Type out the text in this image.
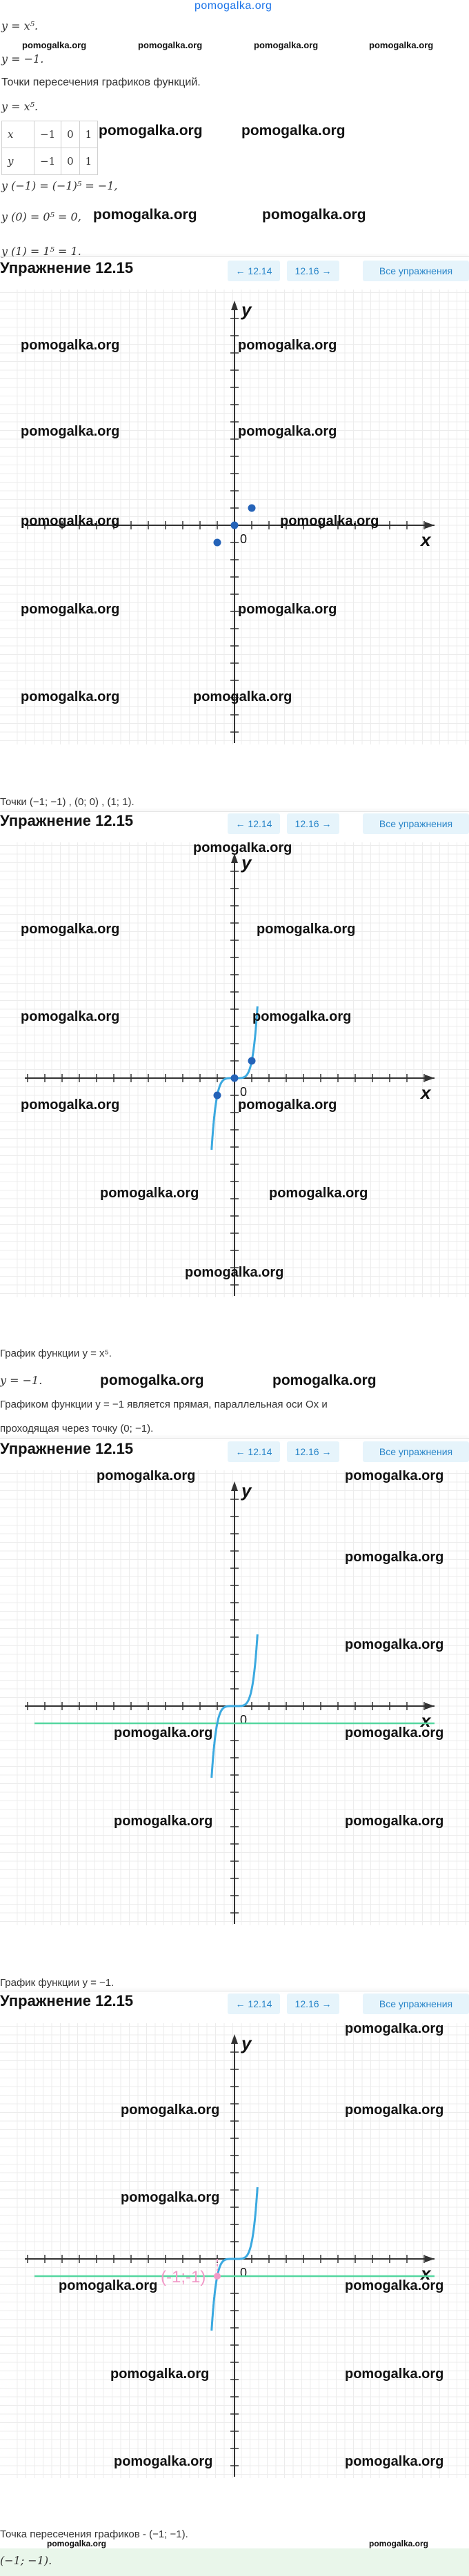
pomogalka.org
y = x⁵.
pomogalka.org	pomogalka.org	pomogalka.org	pomogalka.org
y = −1.
Точки пересечения графиков функций.
y = x⁵.
x	−1	0	1
y	−1	0	1
pomogalka.org	pomogalka.org
y (−1) = (−1)⁵ = −1,
y (0) = 0⁵ = 0, pomogalka.org	pomogalka.org
y (1) = 1⁵ = 1.
Упражнение 12.15	← 12.14	12.16 →	Все упражнения
x
y
0
pomogalka.org	pomogalka.org
pomogalka.org	pomogalka.org
pomogalka.org	pomogalka.org
pomogalka.org	pomogalka.org
pomogalka.org	pomogalka.org
Точки (−1; −1) , (0; 0) , (1; 1).
Упражнение 12.15	← 12.14	12.16 →	Все упражнения
x
y
0
pomogalka.org
pomogalka.org	pomogalka.org
pomogalka.org	pomogalka.org
pomogalka.org	pomogalka.org
pomogalka.org	pomogalka.org
pomogalka.org
График функции y = x⁵.
y = −1.	pomogalka.org	pomogalka.org
Графиком функции y = −1 является прямая, параллельная оси Ox и
проходящая через точку (0; −1).
Упражнение 12.15	← 12.14	12.16 →	Все упражнения
x
y
0
pomogalka.org	pomogalka.org
pomogalka.org
pomogalka.org
pomogalka.org
pomogalka.org	pomogalka.org
pomogalka.org
График функции y = −1.
Упражнение 12.15	← 12.14	12.16 →	Все упражнения
x
y
0
(-1;-1)
pomogalka.org
pomogalka.org
pomogalka.org
pomogalka.org
pomogalka.org	pomogalka.org
pomogalka.org	pomogalka.org
pomogalka.org	pomogalka.org
Точка пересечения графиков - (−1; −1).
pomogalka.org	pomogalka.org
(−1; −1).
